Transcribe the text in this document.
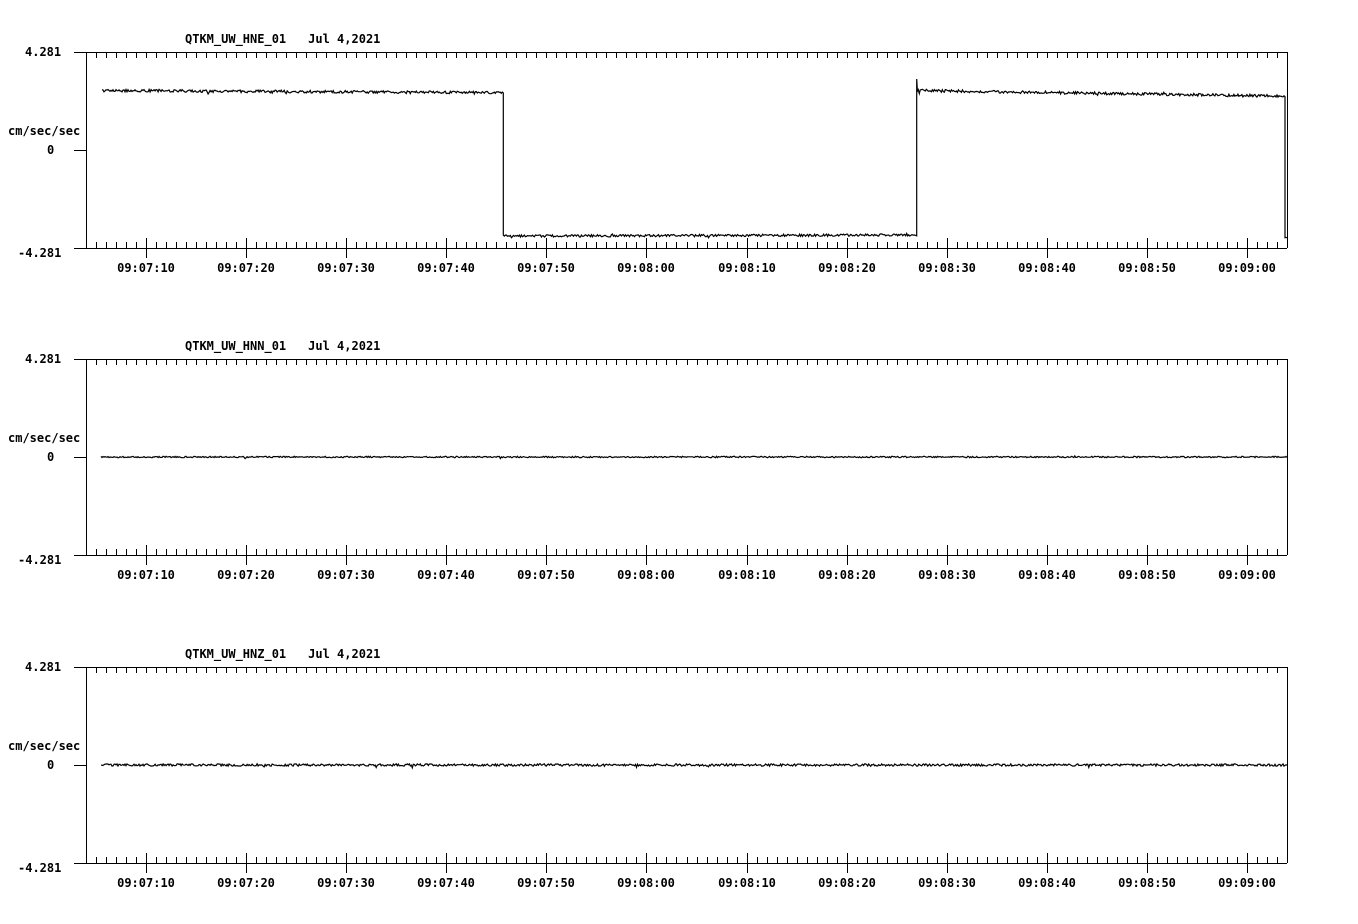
QTKM_UW_HNE_01 Jul 4,2021
4.281
cm/sec/sec
0
-4.281
09:07:10	09:07:20	09:07:30	09:07:40	09:07:50	09:08:00	09:08:10	09:08:20	09:08:30	09:08:40	09:08:50	09:09:00
QTKM_UW_HNN_01 Jul 4,2021
4.281
cm/sec/sec
0
-4.281
09:07:10	09:07:20	09:07:30	09:07:40	09:07:50	09:08:00	09:08:10	09:08:20	09:08:30	09:08:40	09:08:50	09:09:00
QTKM_UW_HNZ_01 Jul 4,2021
4.281
cm/sec/sec
0
-4.281
09:07:10	09:07:20	09:07:30	09:07:40	09:07:50	09:08:00	09:08:10	09:08:20	09:08:30	09:08:40	09:08:50	09:09:00
